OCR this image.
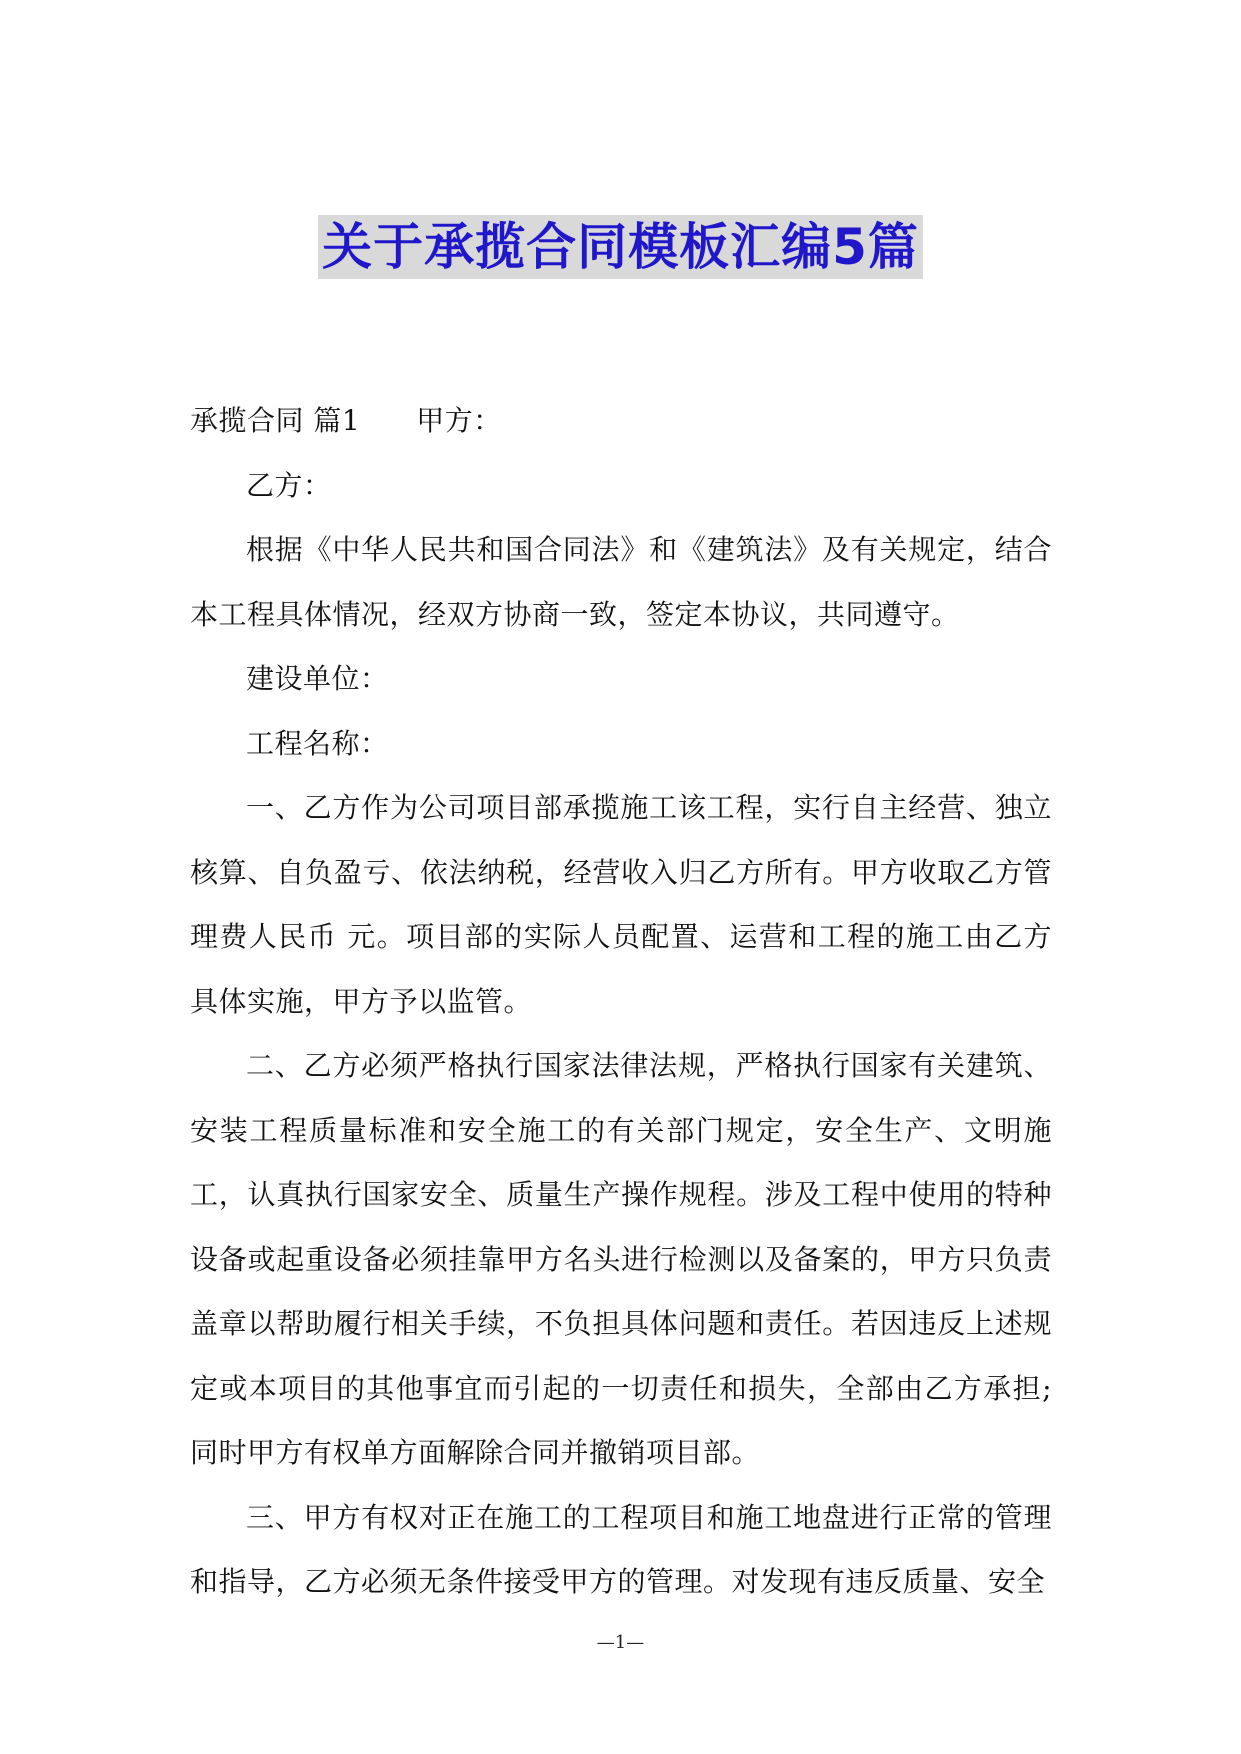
关于承揽合同模板汇编5篇

承揽合同 篇1 甲方：

乙方：

根据《中华人民共和国合同法》和《建筑法》及有关规定，结合本工程具体情况，经双方协商一致，签定本协议，共同遵守。

建设单位：

工程名称：

一、乙方作为公司项目部承揽施工该工程，实行自主经营、独立核算、自负盈亏、依法纳税，经营收入归乙方所有。甲方收取乙方管理费人民币 元。项目部的实际人员配置、运营和工程的施工由乙方具体实施，甲方予以监管。

二、乙方必须严格执行国家法律法规，严格执行国家有关建筑、安装工程质量标准和安全施工的有关部门规定，安全生产、文明施工，认真执行国家安全、质量生产操作规程。涉及工程中使用的特种设备或起重设备必须挂靠甲方名头进行检测以及备案的，甲方只负责盖章以帮助履行相关手续，不负担具体问题和责任。若因违反上述规定或本项目的其他事宜而引起的一切责任和损失，全部由乙方承担;同时甲方有权单方面解除合同并撤销项目部。

三、甲方有权对正在施工的工程项目和施工地盘进行正常的管理和指导，乙方必须无条件接受甲方的管理。对发现有违反质量、安全

—1—
